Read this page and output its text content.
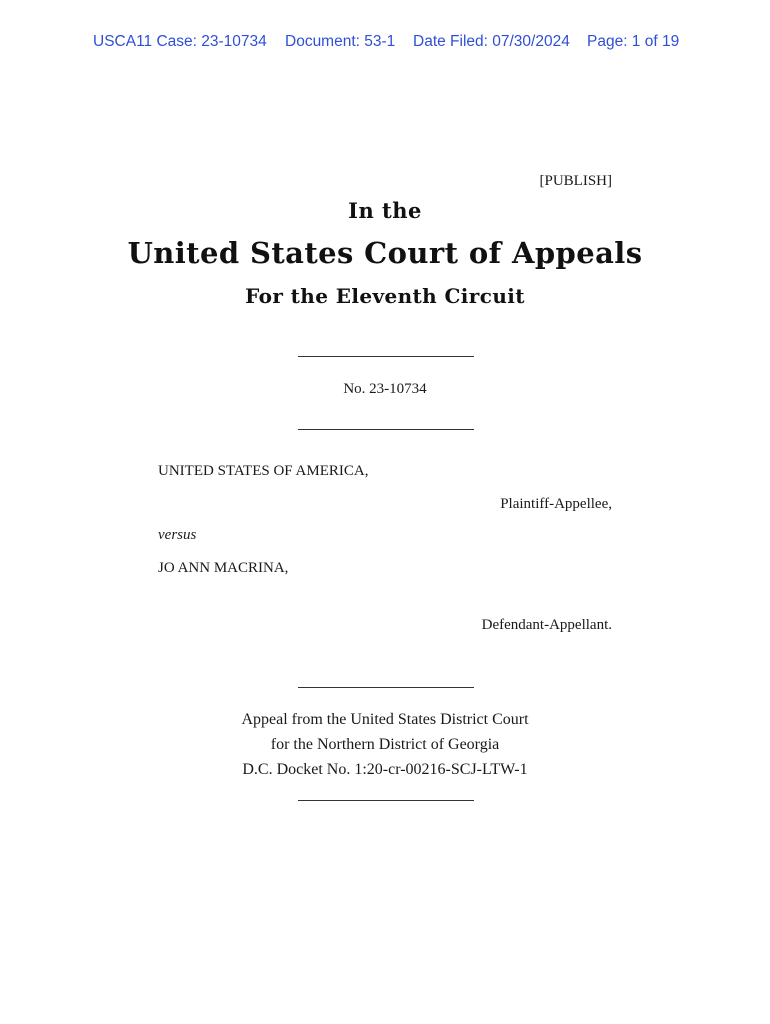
USCA11 Case: 23-10734 Document: 53-1 Date Filed: 07/30/2024 Page: 1 of 19
[PUBLISH]
In the
United States Court of Appeals
For the Eleventh Circuit
No. 23-10734
UNITED STATES OF AMERICA,
Plaintiff-Appellee,
versus
JO ANN MACRINA,
Defendant-Appellant.
Appeal from the United States District Court
for the Northern District of Georgia
D.C. Docket No. 1:20-cr-00216-SCJ-LTW-1
